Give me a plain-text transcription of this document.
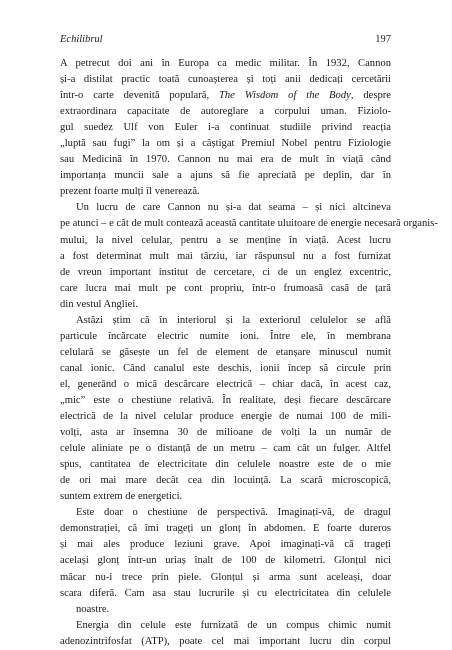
Echilibrul	197
A petrecut doi ani în Europa ca medic militar. În 1932, Cannon
și-a distilat practic toată cunoașterea și toți anii dedicați cercetării
într-o carte devenită populară, The Wisdom of the Body, despre
extraordinara capacitate de autoreglare a corpului uman. Fiziolo-
gul suedez Ulf von Euler i-a continuat studiile privind reacția
„luptă sau fugi” la om și a câștigat Premiul Nobel pentru Fiziologie
sau Medicină în 1970. Cannon nu mai era de mult în viață când
importanța muncii sale a ajuns să fie apreciată pe deplin, dar în
prezent foarte mulți îl venerează.
Un lucru de care Cannon nu și-a dat seama – și nici altcineva
pe atunci – e cât de mult contează această cantitate uluitoare de energie necesară organis-
mului, la nivel celular, pentru a se menține în viață. Acest lucru
a fost determinat mult mai târziu, iar răspunsul nu a fost furnizat
de vreun important institut de cercetare, ci de un englez excentric,
care lucra mai mult pe cont propriu, într-o frumoasă casă de țară
din vestul Angliei.
Astăzi știm că în interiorul și la exteriorul celulelor se află
particule încărcate electric numite ioni. Între ele, în membrana
celulară se găsește un fel de element de etanșare minuscul numit
canal ionic. Când canalul este deschis, ionii încep să circule prin
el, generând o mică descărcare electrică – chiar dacă, în acest caz,
„mic” este o chestiune relativă. În realitate, deși fiecare descărcare
electrică de la nivel celular produce energie de numai 100 de mili-
volți, asta ar însemna 30 de milioane de volți la un număr de
celule aliniate pe o distanță de un metru – cam cât un fulger. Altfel
spus, cantitatea de electricitate din celulele noastre este de o mie
de ori mai mare decât cea din locuință. La scară microscopică,
suntem extrem de energetici.
Este doar o chestiune de perspectivă. Imaginați-vă, de dragul
demonstrației, că îmi trageți un glonț în abdomen. E foarte dureros
și mai ales produce leziuni grave. Apoi imaginați-vă că trageți
același glonț într-un uriaș înalt de 100 de kilometri. Glonțul nici
măcar nu-i trece prin piele. Glonțul și arma sunt aceleași, doar
scara diferă. Cam asa stau lucrurile și cu electricitatea din celulele
noastre.
Energia din celule este furnizată de un compus chimic numit
adenozintrifosfat (ATP), poate cel mai important lucru din corpul
